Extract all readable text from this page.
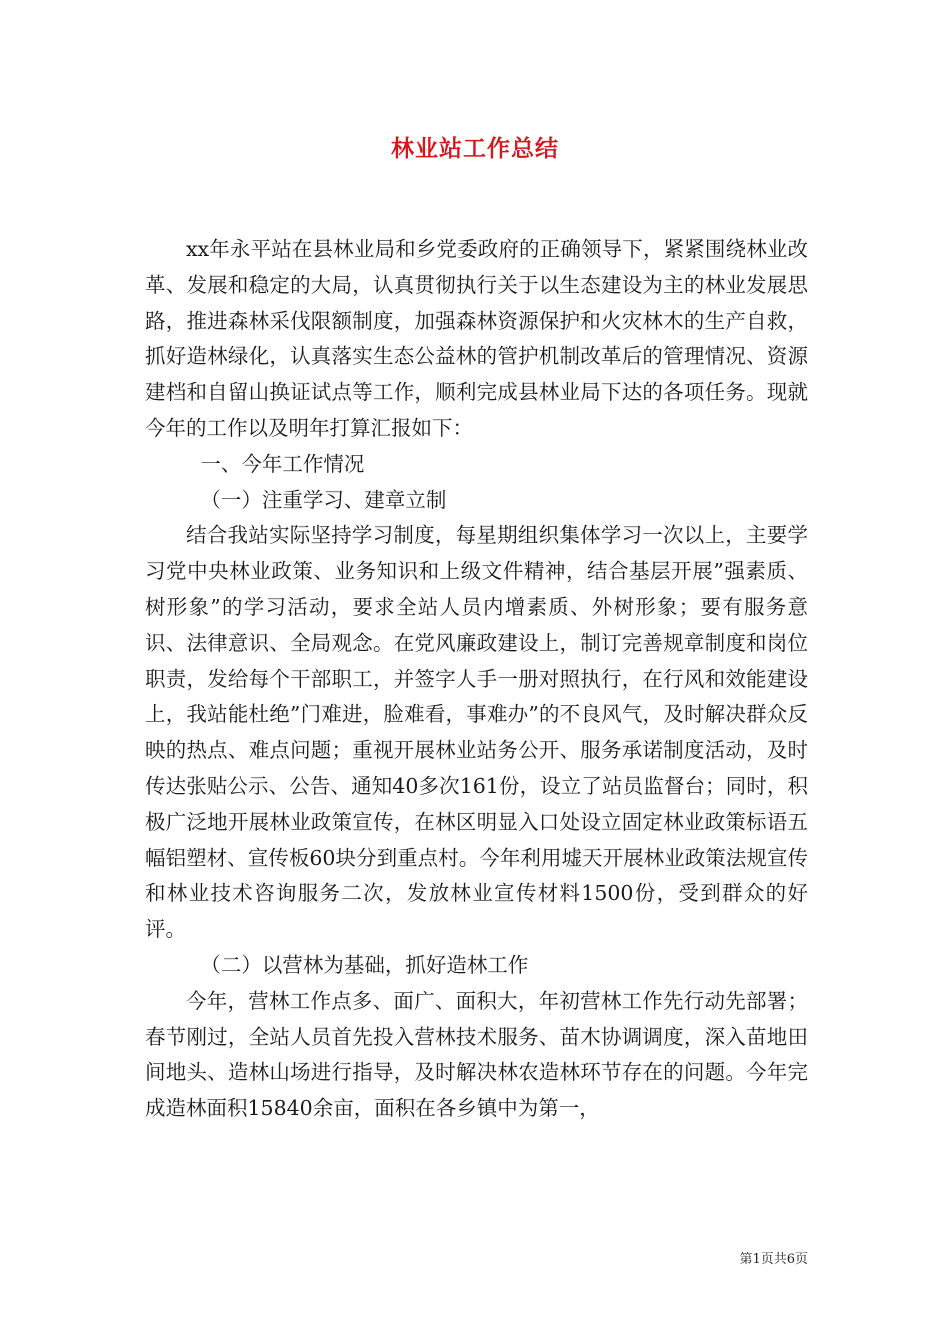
林业站工作总结

xx年永平站在县林业局和乡党委政府的正确领导下，紧紧围绕林业改革、发展和稳定的大局，认真贯彻执行关于以生态建设为主的林业发展思路，推进森林采伐限额制度，加强森林资源保护和火灾林木的生产自救，抓好造林绿化，认真落实生态公益林的管护机制改革后的管理情况、资源建档和自留山换证试点等工作，顺利完成县林业局下达的各项任务。现就今年的工作以及明年打算汇报如下：

一、今年工作情况

（一）注重学习、建章立制

结合我站实际坚持学习制度，每星期组织集体学习一次以上，主要学习党中央林业政策、业务知识和上级文件精神，结合基层开展”强素质、树形象”的学习活动，要求全站人员内增素质、外树形象；要有服务意识、法律意识、全局观念。在党风廉政建设上，制订完善规章制度和岗位职责，发给每个干部职工，并签字人手一册对照执行，在行风和效能建设上，我站能杜绝”门难进，脸难看，事难办”的不良风气，及时解决群众反映的热点、难点问题；重视开展林业站务公开、服务承诺制度活动，及时传达张贴公示、公告、通知40多次161份，设立了站员监督台；同时，积极广泛地开展林业政策宣传，在林区明显入口处设立固定林业政策标语五幅铝塑材、宣传板60块分到重点村。今年利用墟天开展林业政策法规宣传和林业技术咨询服务二次，发放林业宣传材料1500份，受到群众的好评。

（二）以营林为基础，抓好造林工作

今年，营林工作点多、面广、面积大，年初营林工作先行动先部署；春节刚过，全站人员首先投入营林技术服务、苗木协调调度，深入苗地田间地头、造林山场进行指导，及时解决林农造林环节存在的问题。今年完成造林面积15840余亩，面积在各乡镇中为第一，

第1页共6页
